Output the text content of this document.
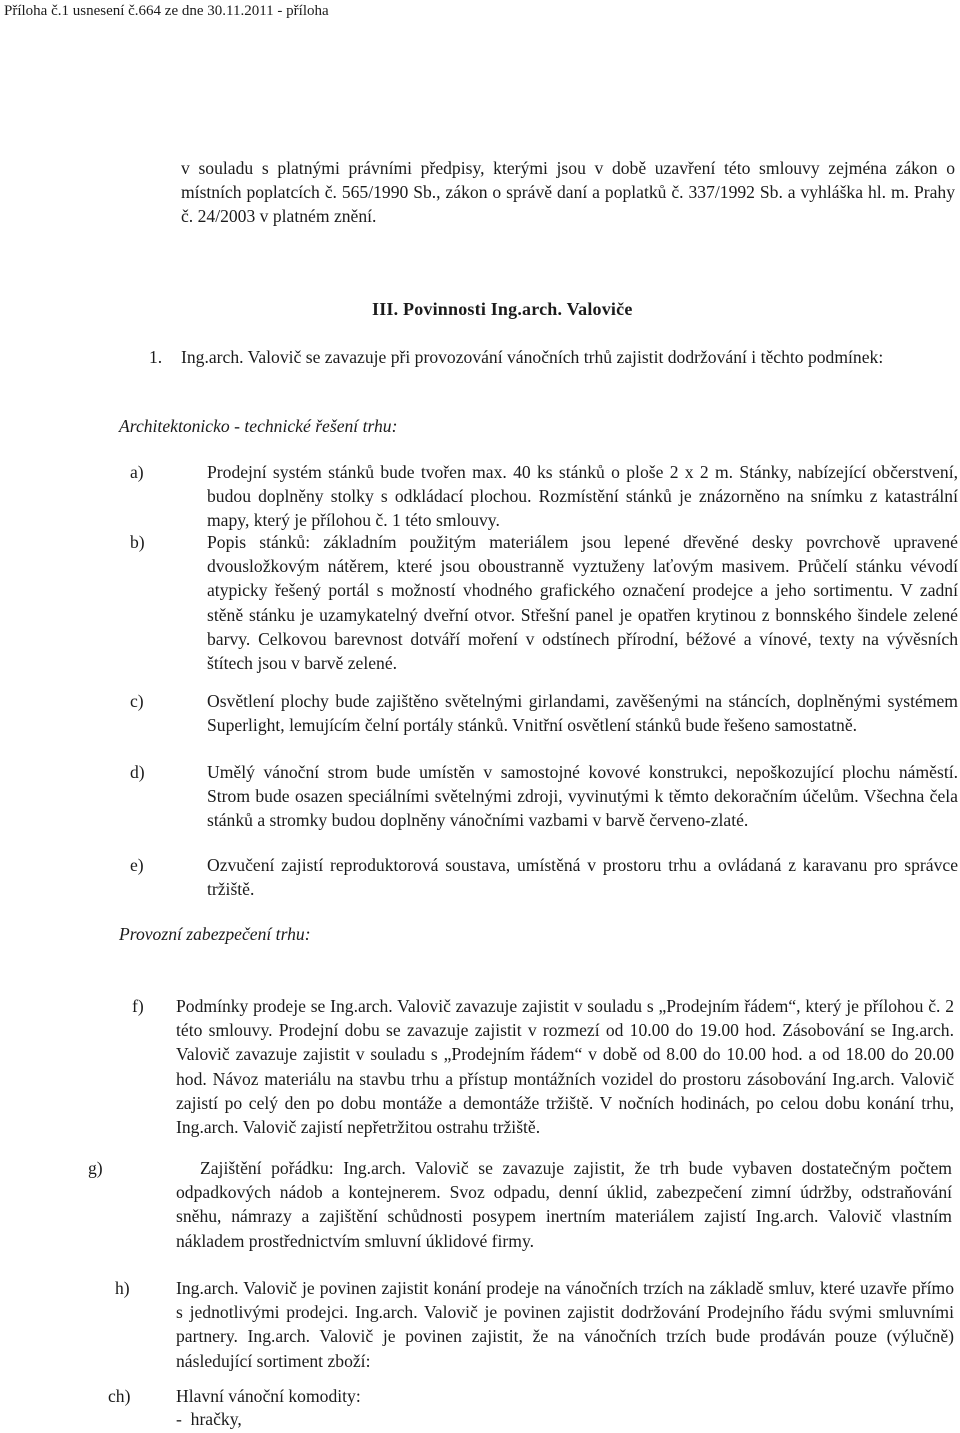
Příloha č.1 usnesení č.664 ze dne 30.11.2011 - příloha

v souladu s platnými právními předpisy, kterými jsou v době uzavření této smlouvy zejména zákon o místních poplatcích č. 565/1990 Sb., zákon o správě daní a poplatků č. 337/1992 Sb. a vyhláška hl. m. Prahy č. 24/2003 v platném znění.

III. Povinnosti Ing.arch. Valoviče
1. Ing.arch. Valovič se zavazuje při provozování vánočních trhů zajistit dodržování i těchto podmínek:

Architektonicko - technické řešení trhu:
a)	Prodejní systém stánků bude tvořen max. 40 ks stánků o ploše 2 x 2 m. Stánky, nabízející občerstvení, budou doplněny stolky s odkládací plochou. Rozmístění stánků je znázorněno na snímku z katastrální mapy, který je přílohou č. 1 této smlouvy.
b)	Popis stánků: základním použitým materiálem jsou lepené dřevěné desky povrchově upravené dvousložkovým nátěrem, které jsou oboustranně vyztuženy laťovým masivem. Průčelí stánku vévodí atypicky řešený portál s možností vhodného grafického označení prodejce a jeho sortimentu. V zadní stěně stánku je uzamykatelný dveřní otvor. Střešní panel je opatřen krytinou z bonnského šindele zelené barvy. Celkovou barevnost dotváří moření v odstínech přírodní, béžové a vínové, texty na vývěsních štítech jsou v barvě zelené.
c)	Osvětlení plochy bude zajištěno světelnými girlandami, zavěšenými na stáncích, doplněnými systémem Superlight, lemujícím čelní portály stánků. Vnitřní osvětlení stánků bude řešeno samostatně.
d)	Umělý vánoční strom bude umístěn v samostojné kovové konstrukci, nepoškozující plochu náměstí. Strom bude osazen speciálními světelnými zdroji, vyvinutými k těmto dekoračním účelům. Všechna čela stánků a stromky budou doplněny vánočními vazbami v barvě červeno-zlaté.
e)	Ozvučení zajistí reproduktorová soustava, umístěná v prostoru trhu a ovládaná z karavanu pro správce tržiště.
Provozní zabezpečení trhu:
f) Podmínky prodeje se Ing.arch. Valovič zavazuje zajistit v souladu s „Prodejním řádem“, který je přílohou č. 2 této smlouvy. Prodejní dobu se zavazuje zajistit v rozmezí od 10.00 do 19.00 hod. Zásobování se Ing.arch. Valovič zavazuje zajistit v souladu s „Prodejním řádem“ v době od 8.00 do 10.00 hod. a od 18.00 do 20.00 hod. Návoz materiálu na stavbu trhu a přístup montážních vozidel do prostoru zásobování Ing.arch. Valovič zajistí po celý den po dobu montáže a demontáže tržiště. V nočních hodinách, po celou dobu konání trhu, Ing.arch. Valovič zajistí nepřetržitou ostrahu tržiště.
g)	Zajištění pořádku: Ing.arch. Valovič se zavazuje zajistit, že trh bude vybaven dostatečným počtem odpadkových nádob a kontejnerem. Svoz odpadu, denní úklid, zabezpečení zimní údržby, odstraňování sněhu, námrazy a zajištění schůdnosti posypem inertním materiálem zajistí Ing.arch. Valovič vlastním nákladem prostřednictvím smluvní úklidové firmy.
h)	Ing.arch. Valovič je povinen zajistit konání prodeje na vánočních trzích na základě smluv, které uzavře přímo s jednotlivými prodejci. Ing.arch. Valovič je povinen zajistit dodržování Prodejního řádu svými smluvními partnery. Ing.arch. Valovič je povinen zajistit, že na vánočních trzích bude prodáván pouze (výlučně) následující sortiment zboží:
ch)	Hlavní vánoční komodity:
-  hračky,
